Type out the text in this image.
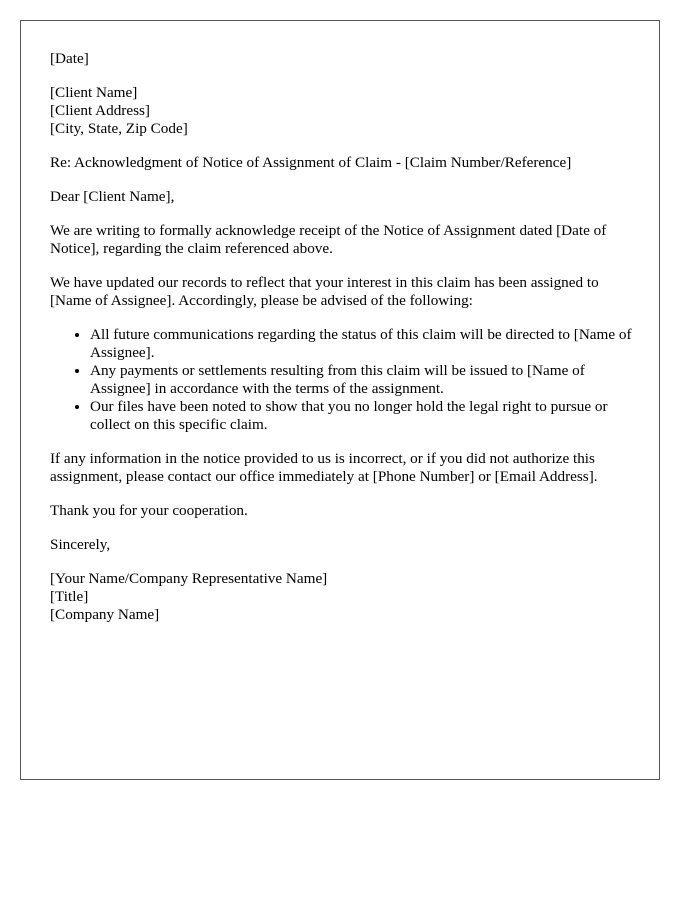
[Date]
[Client Name]
[Client Address]
[City, State, Zip Code]
Re: Acknowledgment of Notice of Assignment of Claim - [Claim Number/Reference]
Dear [Client Name],
We are writing to formally acknowledge receipt of the Notice of Assignment dated [Date of Notice], regarding the claim referenced above.
We have updated our records to reflect that your interest in this claim has been assigned to [Name of Assignee]. Accordingly, please be advised of the following:
• All future communications regarding the status of this claim will be directed to [Name of Assignee].
• Any payments or settlements resulting from this claim will be issued to [Name of Assignee] in accordance with the terms of the assignment.
• Our files have been noted to show that you no longer hold the legal right to pursue or collect on this specific claim.
If any information in the notice provided to us is incorrect, or if you did not authorize this assignment, please contact our office immediately at [Phone Number] or [Email Address].
Thank you for your cooperation.
Sincerely,
[Your Name/Company Representative Name]
[Title]
[Company Name]
